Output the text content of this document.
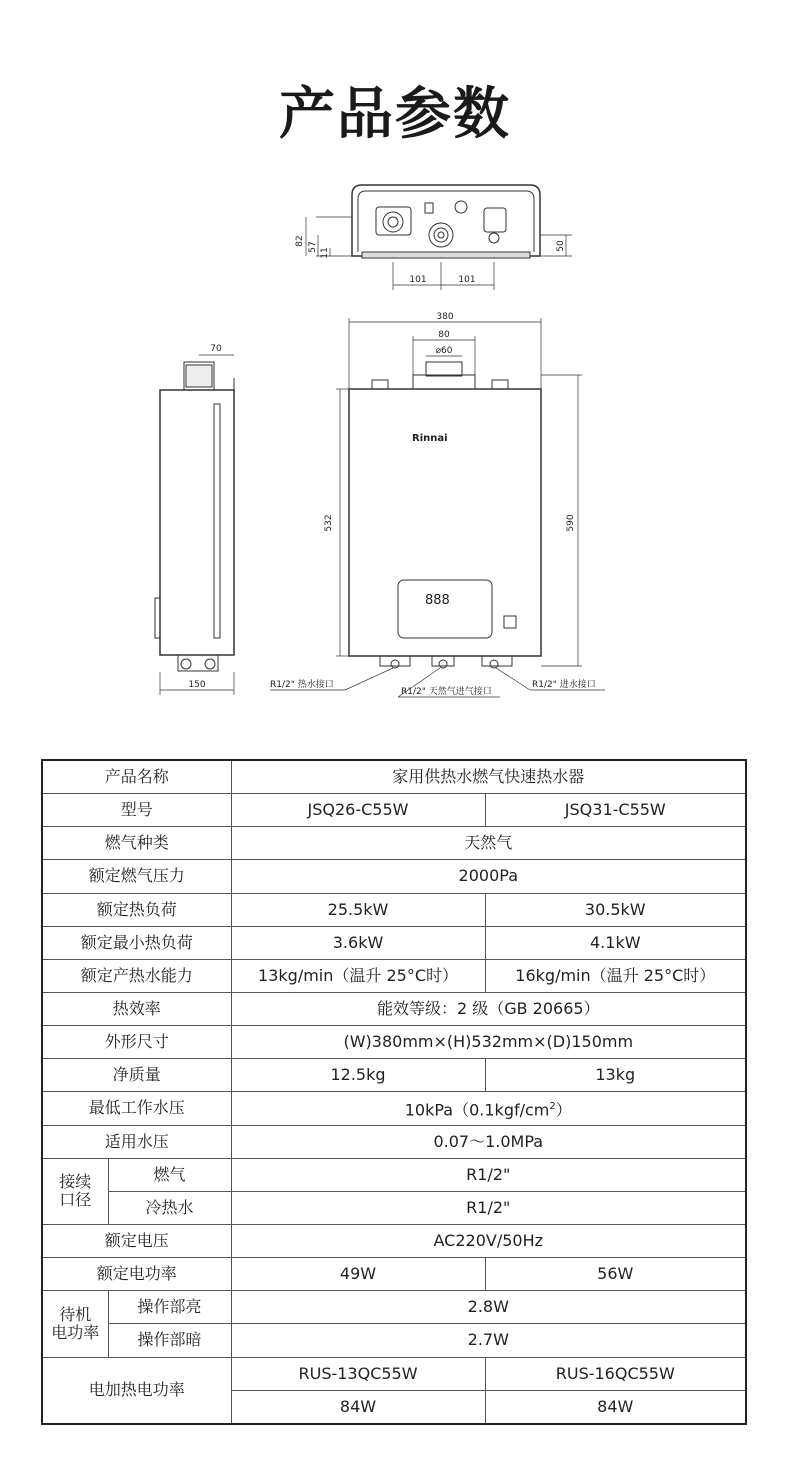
产品参数
82
57
11
101	101
50
70
150
380
80
⌀60
532	590
Rinnai
888
R1/2" 热水接口
R1/2" 天然气进气接口
R1/2" 进水接口
产品名称		家用供热水燃气快速热水器	
型号		JSQ26-C55W	JSQ31-C55W
燃气种类		天然气	
额定燃气压力		2000Pa	
额定热负荷		25.5kW	30.5kW
额定最小热负荷		3.6kW	4.1kW
额定产热水能力		13kg/min（温升 25°C时）	16kg/min（温升 25°C时）
热效率		能效等级：2 级（GB 20665）	
外形尺寸		(W)380mm×(H)532mm×(D)150mm	
净质量		12.5kg	13kg
最低工作水压		$10kPa(0.1kgf/cm^2)$	
适用水压		0.07～1.0MPa	
接续
口径	燃气	R1/2"	
	冷热水	R1/2"	
额定电压		AC220V/50Hz	
额定电功率		49W	56W
待机
电功率	操作部亮	2.8W	
	操作部暗	2.7W	
电加热电功率		RUS-13QC55W	RUS-16QC55W
		84W	84W
